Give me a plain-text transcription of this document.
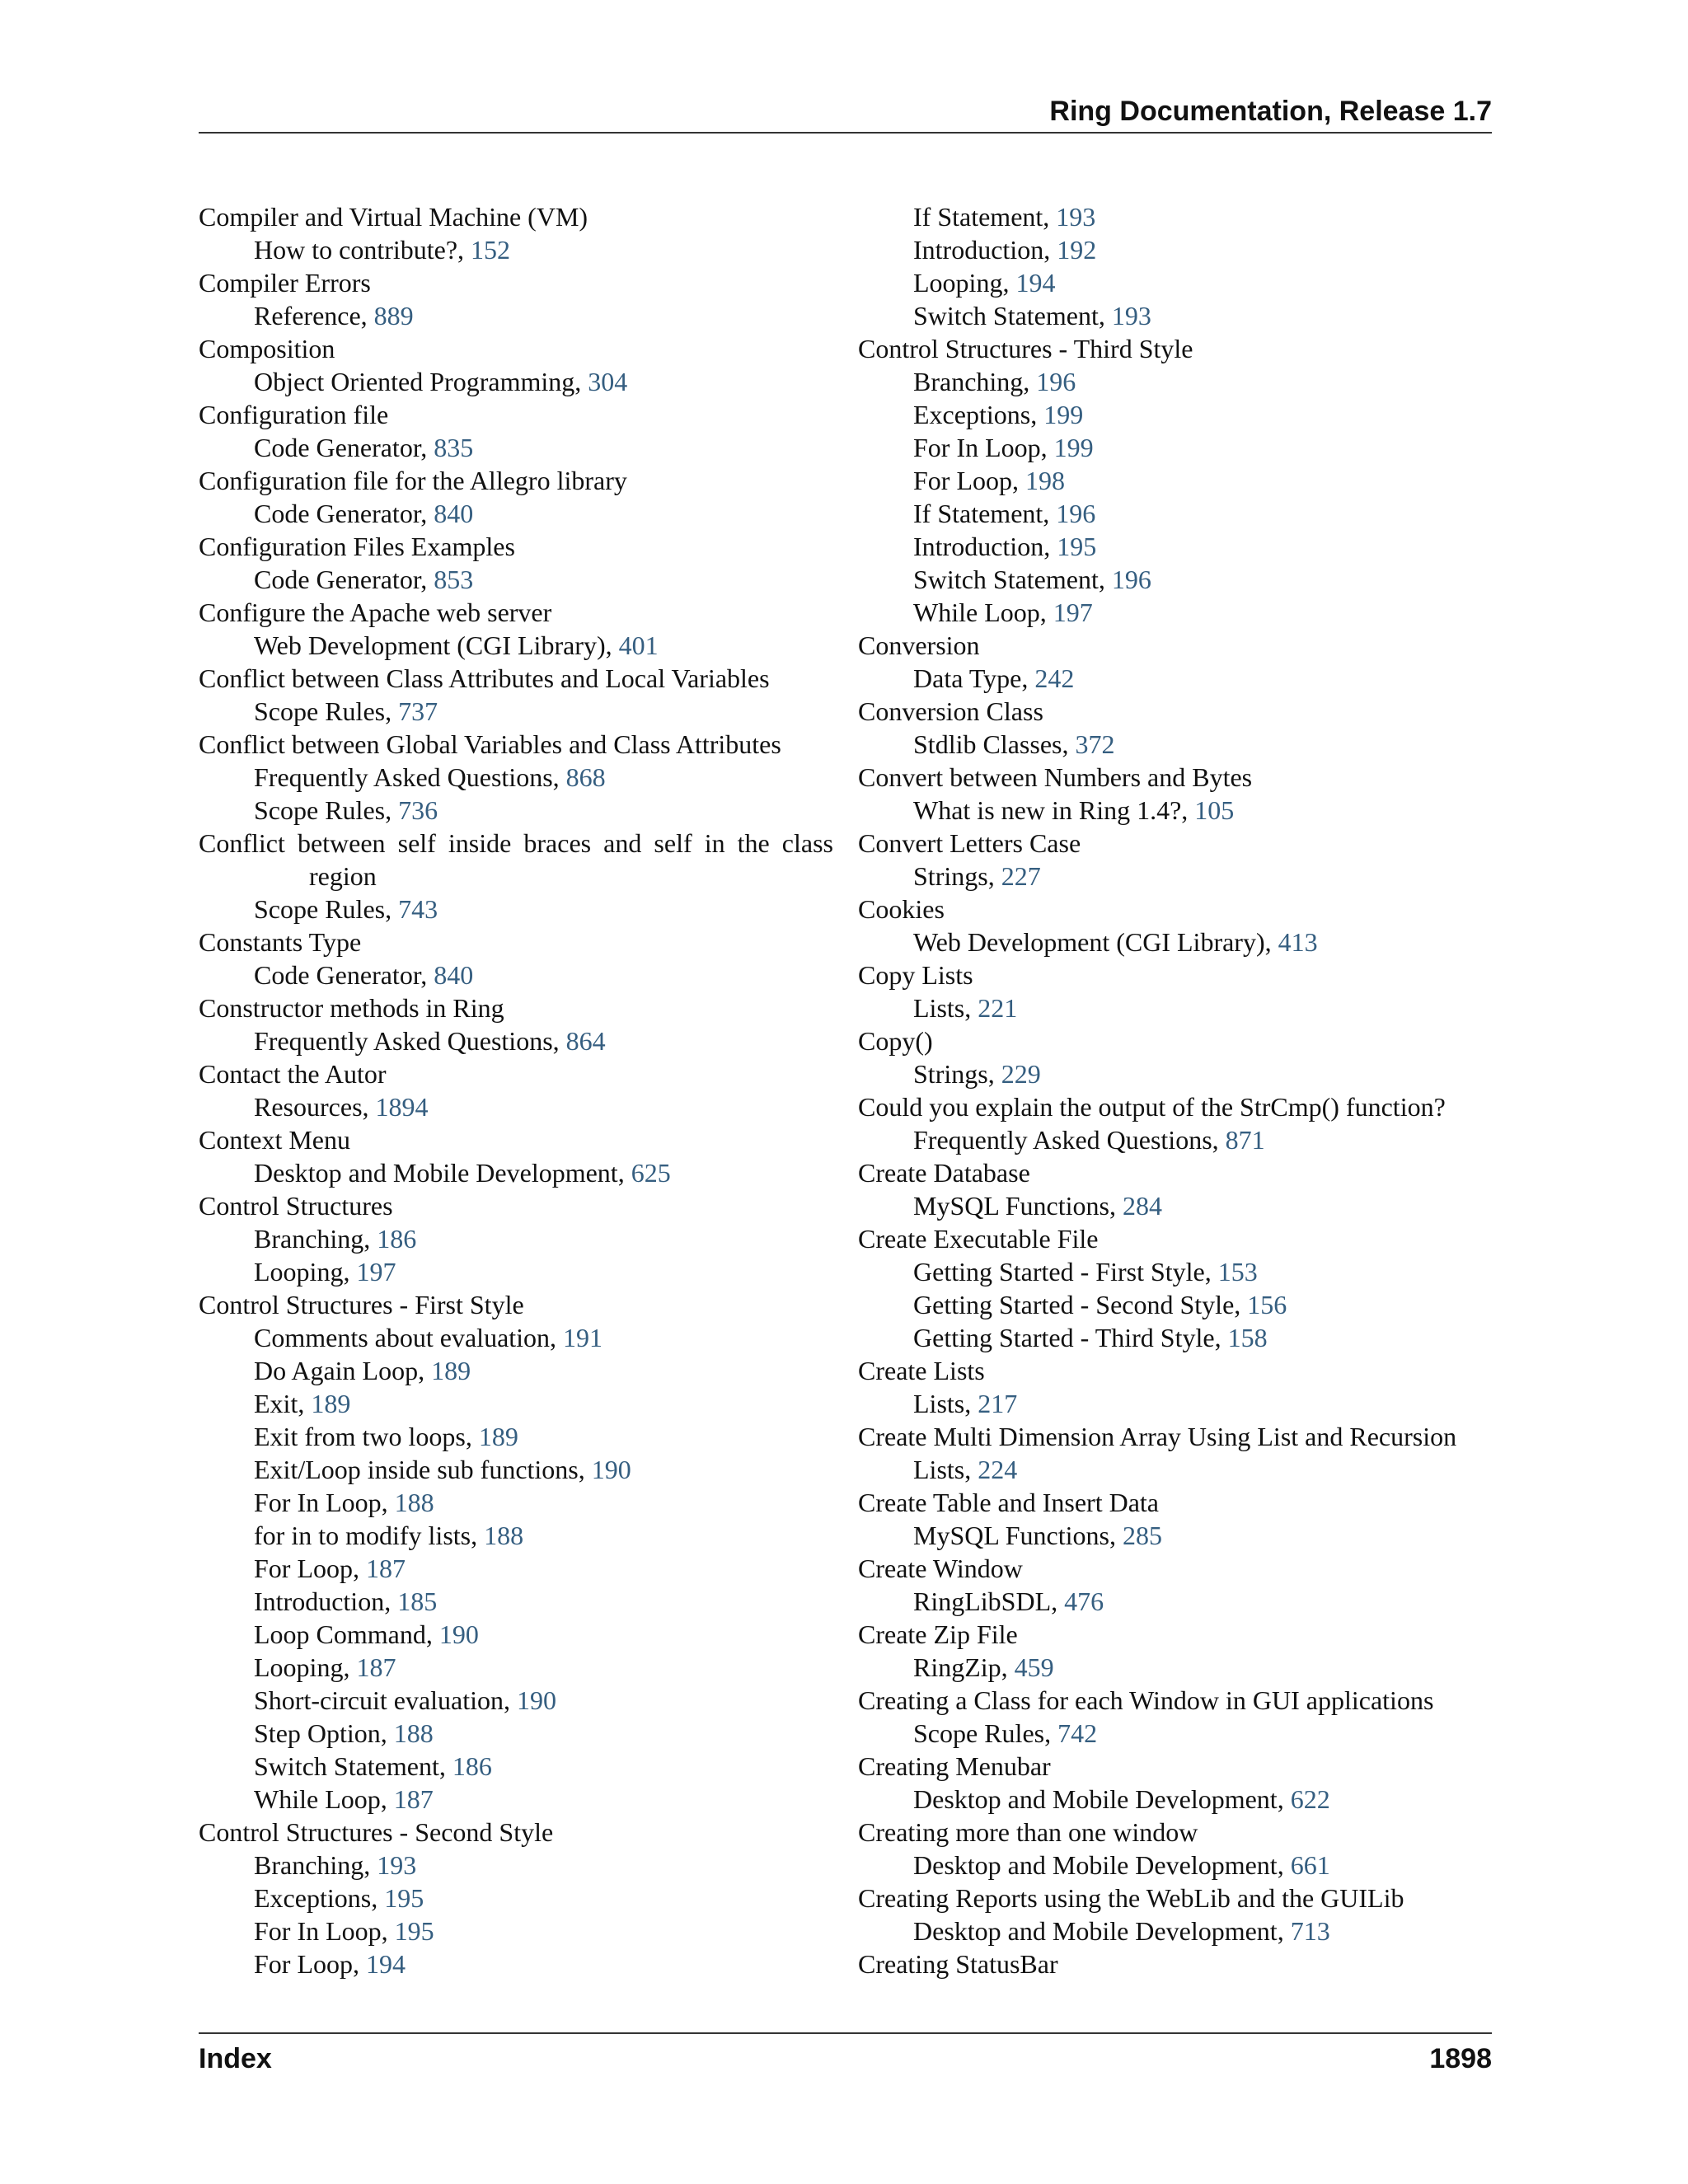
Ring Documentation, Release 1.7
Compiler and Virtual Machine (VM)
How to contribute?, 152
Compiler Errors
Reference, 889
Composition
Object Oriented Programming, 304
Configuration file
Code Generator, 835
Configuration file for the Allegro library
Code Generator, 840
Configuration Files Examples
Code Generator, 853
Configure the Apache web server
Web Development (CGI Library), 401
Conflict between Class Attributes and Local Variables
Scope Rules, 737
Conflict between Global Variables and Class Attributes
Frequently Asked Questions, 868
Scope Rules, 736
Conflict between self inside braces and self in the class region
Scope Rules, 743
Constants Type
Code Generator, 840
Constructor methods in Ring
Frequently Asked Questions, 864
Contact the Autor
Resources, 1894
Context Menu
Desktop and Mobile Development, 625
Control Structures
Branching, 186
Looping, 197
Control Structures - First Style
Comments about evaluation, 191
Do Again Loop, 189
Exit, 189
Exit from two loops, 189
Exit/Loop inside sub functions, 190
For In Loop, 188
for in to modify lists, 188
For Loop, 187
Introduction, 185
Loop Command, 190
Looping, 187
Short-circuit evaluation, 190
Step Option, 188
Switch Statement, 186
While Loop, 187
Control Structures - Second Style
Branching, 193
Exceptions, 195
For In Loop, 195
For Loop, 194
If Statement, 193
Introduction, 192
Looping, 194
Switch Statement, 193
Control Structures - Third Style
Branching, 196
Exceptions, 199
For In Loop, 199
For Loop, 198
If Statement, 196
Introduction, 195
Switch Statement, 196
While Loop, 197
Conversion
Data Type, 242
Conversion Class
Stdlib Classes, 372
Convert between Numbers and Bytes
What is new in Ring 1.4?, 105
Convert Letters Case
Strings, 227
Cookies
Web Development (CGI Library), 413
Copy Lists
Lists, 221
Copy()
Strings, 229
Could you explain the output of the StrCmp() function?
Frequently Asked Questions, 871
Create Database
MySQL Functions, 284
Create Executable File
Getting Started - First Style, 153
Getting Started - Second Style, 156
Getting Started - Third Style, 158
Create Lists
Lists, 217
Create Multi Dimension Array Using List and Recursion
Lists, 224
Create Table and Insert Data
MySQL Functions, 285
Create Window
RingLibSDL, 476
Create Zip File
RingZip, 459
Creating a Class for each Window in GUI applications
Scope Rules, 742
Creating Menubar
Desktop and Mobile Development, 622
Creating more than one window
Desktop and Mobile Development, 661
Creating Reports using the WebLib and the GUILib
Desktop and Mobile Development, 713
Creating StatusBar
Index	1898
